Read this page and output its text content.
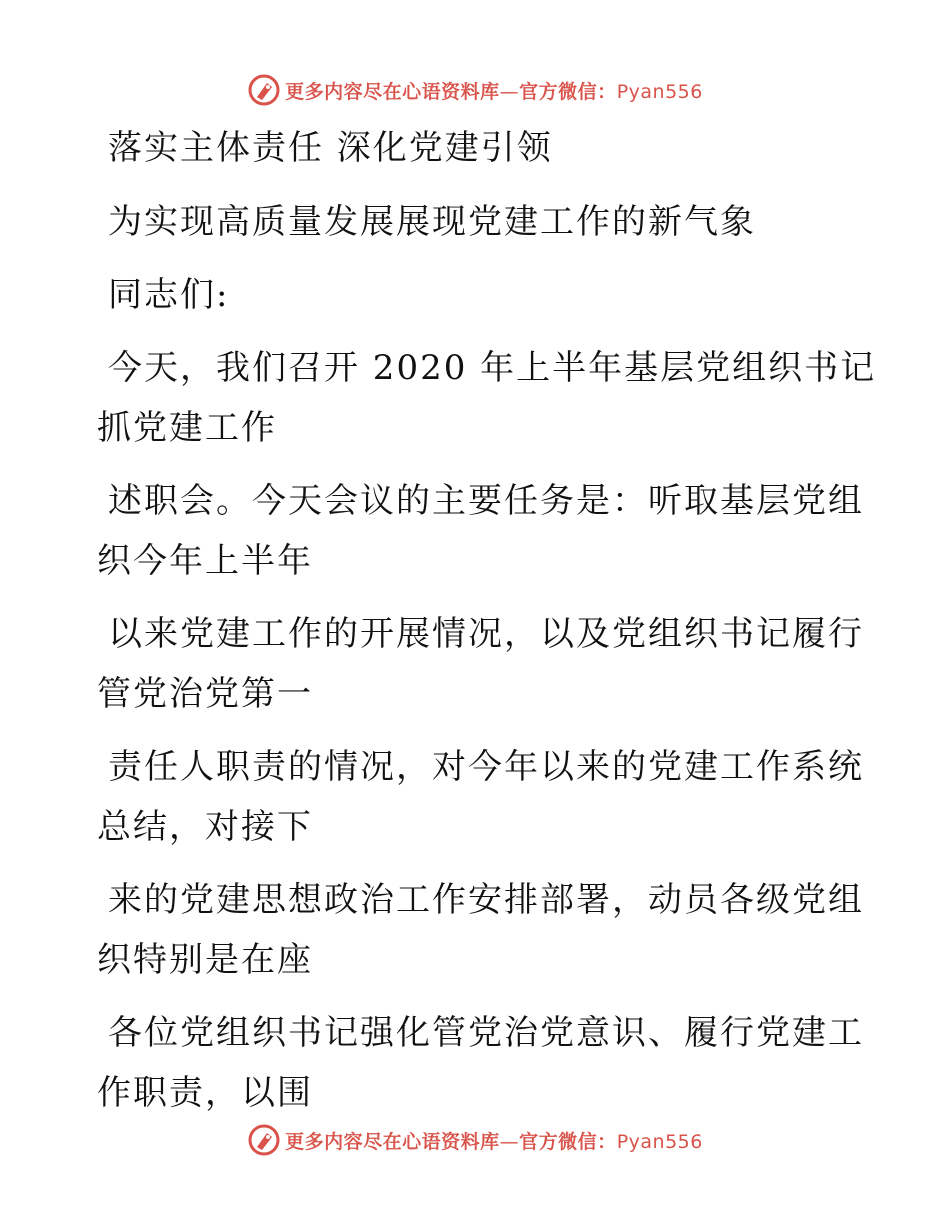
更多内容尽在心语资料库—官方微信：Pyan556
落实主体责任 深化党建引领
为实现高质量发展展现党建工作的新气象
同志们:
今天，我们召开 2020 年上半年基层党组织书记
抓党建工作
述职会。今天会议的主要任务是：听取基层党组
织今年上半年
以来党建工作的开展情况，以及党组织书记履行
管党治党第一
责任人职责的情况，对今年以来的党建工作系统
总结，对接下
来的党建思想政治工作安排部署，动员各级党组
织特别是在座
各位党组织书记强化管党治党意识、履行党建工
作职责，以围
更多内容尽在心语资料库—官方微信：Pyan556
